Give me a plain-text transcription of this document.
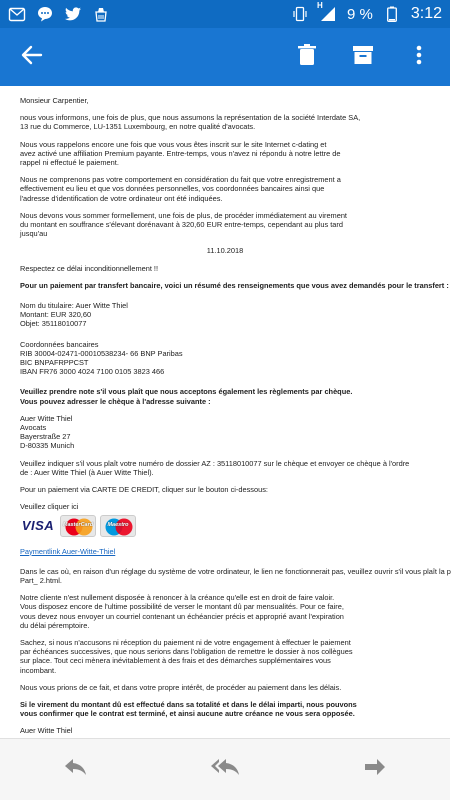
H 9 % 3:12

Monsieur Carpentier,

nous vous informons, une fois de plus, que nous assumons la représentation de la société Interdate SA,
13 rue du Commerce, LU-1351 Luxembourg, en notre qualité d'avocats.

Nous vous rappelons encore une fois que vous vous êtes inscrit sur le site Internet c-dating et
avez activé une affiliation Premium payante. Entre-temps, vous n'avez ni répondu à notre lettre de
rappel ni effectué le paiement.

Nous ne comprenons pas votre comportement en considération du fait que votre enregistrement a
effectivement eu lieu et que vos données personnelles, vos coordonnées bancaires ainsi que
l'adresse d'identification de votre ordinateur ont été indiquées.

Nous devons vous sommer formellement, une fois de plus, de procéder immédiatement au virement
du montant en souffrance s'élevant dorénavant à 320,60 EUR entre-temps, cependant au plus tard
jusqu'au

11.10.2018

Respectez ce délai inconditionnellement !!

Pour un paiement par transfert bancaire, voici un résumé des renseignements que vous avez demandés pour le transfert :

Nom du titulaire: Auer Witte Thiel
Montant: EUR 320,60
Objet: 35118010077

Coordonnées bancaires
RIB 30004-02471-00010538234- 66 BNP Paribas
BIC BNPAFRPPCST
IBAN FR76 3000 4024 7100 0105 3823 466

Veuillez prendre note s'il vous plaît que nous acceptons également les règlements par chèque.
Vous pouvez adresser le chèque à l'adresse suivante :

Auer Witte Thiel
Avocats
Bayerstraße 27
D-80335 Munich

Veuillez indiquer s'il vous plaît votre numéro de dossier AZ : 35118010077 sur le chèque et envoyer ce chèque à l'ordre
de : Auer Witte Thiel (à Auer Witte Thiel).

Pour un paiement via CARTE DE CREDIT, cliquer sur le bouton ci-dessous:

Veuillez cliquer ici

VISA MasterCard	Maestro

Paymentlink Auer-Witte-Thiel

Dans le cas où, en raison d'un réglage du système de votre ordinateur, le lien ne fonctionnerait pas, veuillez ouvrir s'il vous plaît la p
Part_ 2.html.

Notre cliente n'est nullement disposée à renoncer à la créance qu'elle est en droit de faire valoir.
Vous disposez encore de l'ultime possibilité de verser le montant dû par mensualités. Pour ce faire,
vous devez nous envoyer un courriel contenant un échéancier précis et approprié avant l'expiration
du délai péremptoire.

Sachez, si nous n'accusons ni réception du paiement ni de votre engagement à effectuer le paiement
par échéances successives, que nous serions dans l'obligation de remettre le dossier à nos collègues
sur place. Tout ceci mènera inévitablement à des frais et des démarches supplémentaires vous
incombant.

Nous vous prions de ce fait, et dans votre propre intérêt, de procéder au paiement dans les délais.

Si le virement du montant dû est effectué dans sa totalité et dans le délai imparti, nous pouvons
vous confirmer que le contrat est terminé, et ainsi aucune autre créance ne vous sera opposée.

Auer Witte Thiel
